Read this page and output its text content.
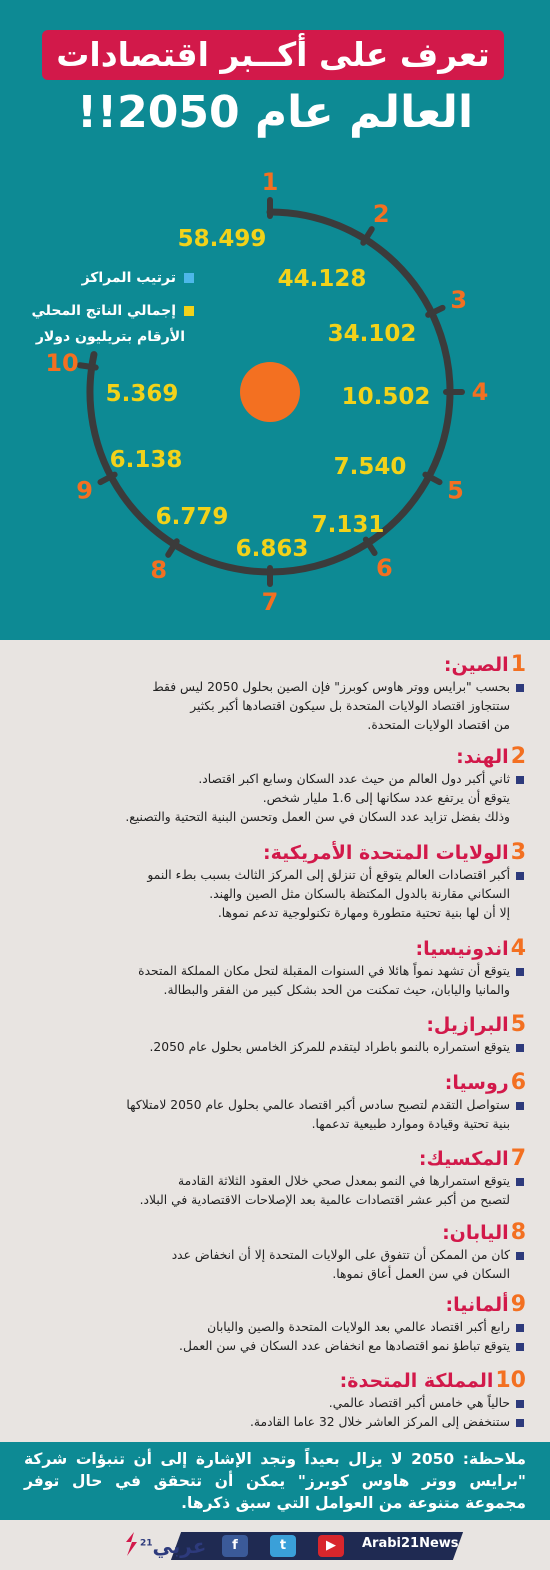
تعرف على أكــبر اقتصادات
العالم عام 2050!!
1
2
3
4
5
6
7
8
9
10
58.499
44.128
34.102
10.502
7.540
7.131
6.863
6.779
6.138
5.369
ترتيب المراكز
إجمالي الناتج المحلي
الأرقام بتريليون دولار
1الصين:
بحسب "برايس ووتر هاوس كوبرز" فإن الصين بحلول 2050 ليس فقط
ستتجاوز اقتصاد الولايات المتحدة بل سيكون اقتصادها أكبر بكثير
من اقتصاد الولايات المتحدة.
2الهند:
ثاني أكبر دول العالم من حيث عدد السكان وسابع اكبر اقتصاد.
يتوقع أن يرتفع عدد سكانها إلى 1.6 مليار شخص.
وذلك بفضل تزايد عدد السكان في سن العمل وتحسن البنية التحتية والتصنيع.
3الولايات المتحدة الأمريكية:
أكبر اقتصادات العالم يتوقع أن تنزلق إلى المركز الثالث بسبب بطء النمو
السكاني مقارنة بالدول المكتظة بالسكان مثل الصين والهند.
إلا أن لها بنية تحتية متطورة ومهارة تكنولوجية تدعم نموها.
4اندونيسيا:
يتوقع أن تشهد نمواً هائلا في السنوات المقبلة لتحل مكان المملكة المتحدة
والمانيا واليابان، حيث تمكنت من الحد بشكل كبير من الفقر والبطالة.
5البرازيل:
يتوقع استمراره بالنمو باطراد ليتقدم للمركز الخامس بحلول عام 2050.
6روسيا:
ستواصل التقدم لتصبح سادس أكبر اقتصاد عالمي بحلول عام 2050 لامتلاكها
بنية تحتية وقيادة وموارد طبيعية تدعمها.
7المكسيك:
يتوقع استمرارها في النمو بمعدل صحي خلال العقود الثلاثة القادمة
لتصبح من أكبر عشر اقتصادات عالمية بعد الإصلاحات الاقتصادية في البلاد.
8اليابان:
كان من الممكن أن تتفوق على الولايات المتحدة إلا أن انخفاض عدد
السكان في سن العمل أعاق نموها.
9ألمانيا:
رابع أكبر اقتصاد عالمي بعد الولايات المتحدة والصين واليابان
يتوقع تباطؤ نمو اقتصادها مع انخفاض عدد السكان في سن العمل.
10المملكة المتحدة:
حالياً هي خامس أكبر اقتصاد عالمي.
ستنخفض إلى المركز العاشر خلال 32 عاما القادمة.
ملاحظة: 2050 لا يزال بعيداً وتجد الإشارة إلى أن تنبؤات شركة "برايس ووتر هاوس كوبرز" يمكن أن تتحقق في حال توفر مجموعة متنوعة من العوامل التي سبق ذكرها.
▶
t
f	Arabi21News
عربي$^{21}$
